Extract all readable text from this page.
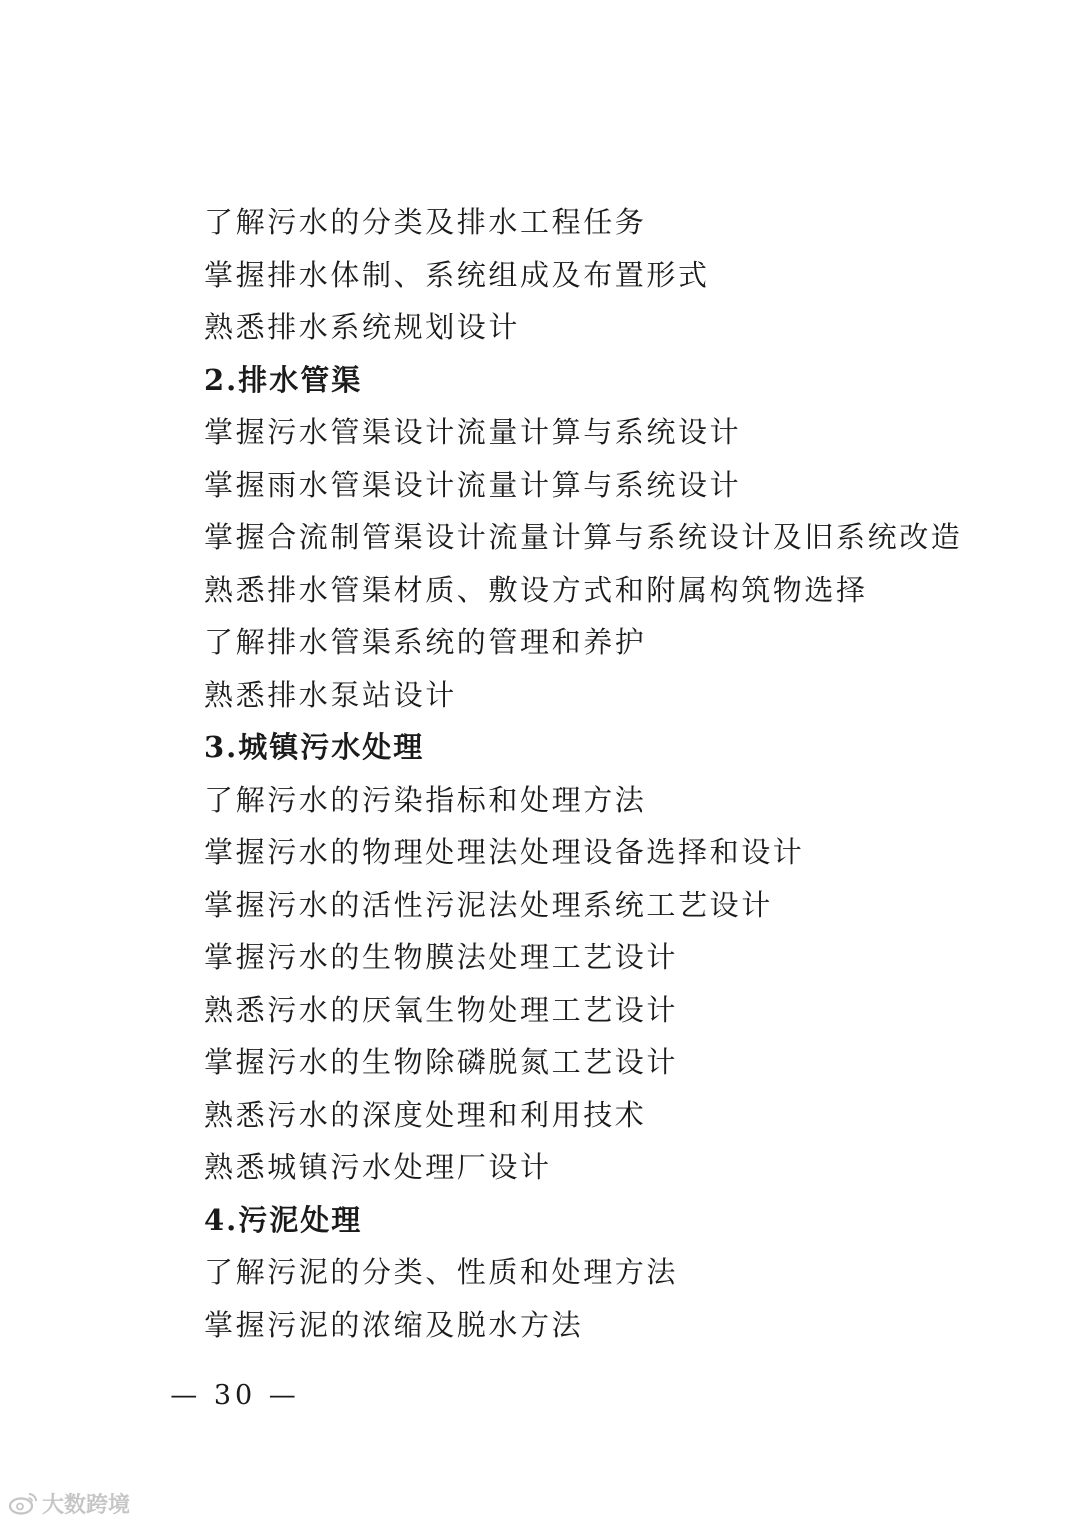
了解污水的分类及排水工程任务
掌握排水体制、系统组成及布置形式
熟悉排水系统规划设计
2.排水管渠
掌握污水管渠设计流量计算与系统设计
掌握雨水管渠设计流量计算与系统设计
掌握合流制管渠设计流量计算与系统设计及旧系统改造
熟悉排水管渠材质、敷设方式和附属构筑物选择
了解排水管渠系统的管理和养护
熟悉排水泵站设计
3.城镇污水处理
了解污水的污染指标和处理方法
掌握污水的物理处理法处理设备选择和设计
掌握污水的活性污泥法处理系统工艺设计
掌握污水的生物膜法处理工艺设计
熟悉污水的厌氧生物处理工艺设计
掌握污水的生物除磷脱氮工艺设计
熟悉污水的深度处理和利用技术
熟悉城镇污水处理厂设计
4.污泥处理
了解污泥的分类、性质和处理方法
掌握污泥的浓缩及脱水方法
— 30 —
大数跨境
